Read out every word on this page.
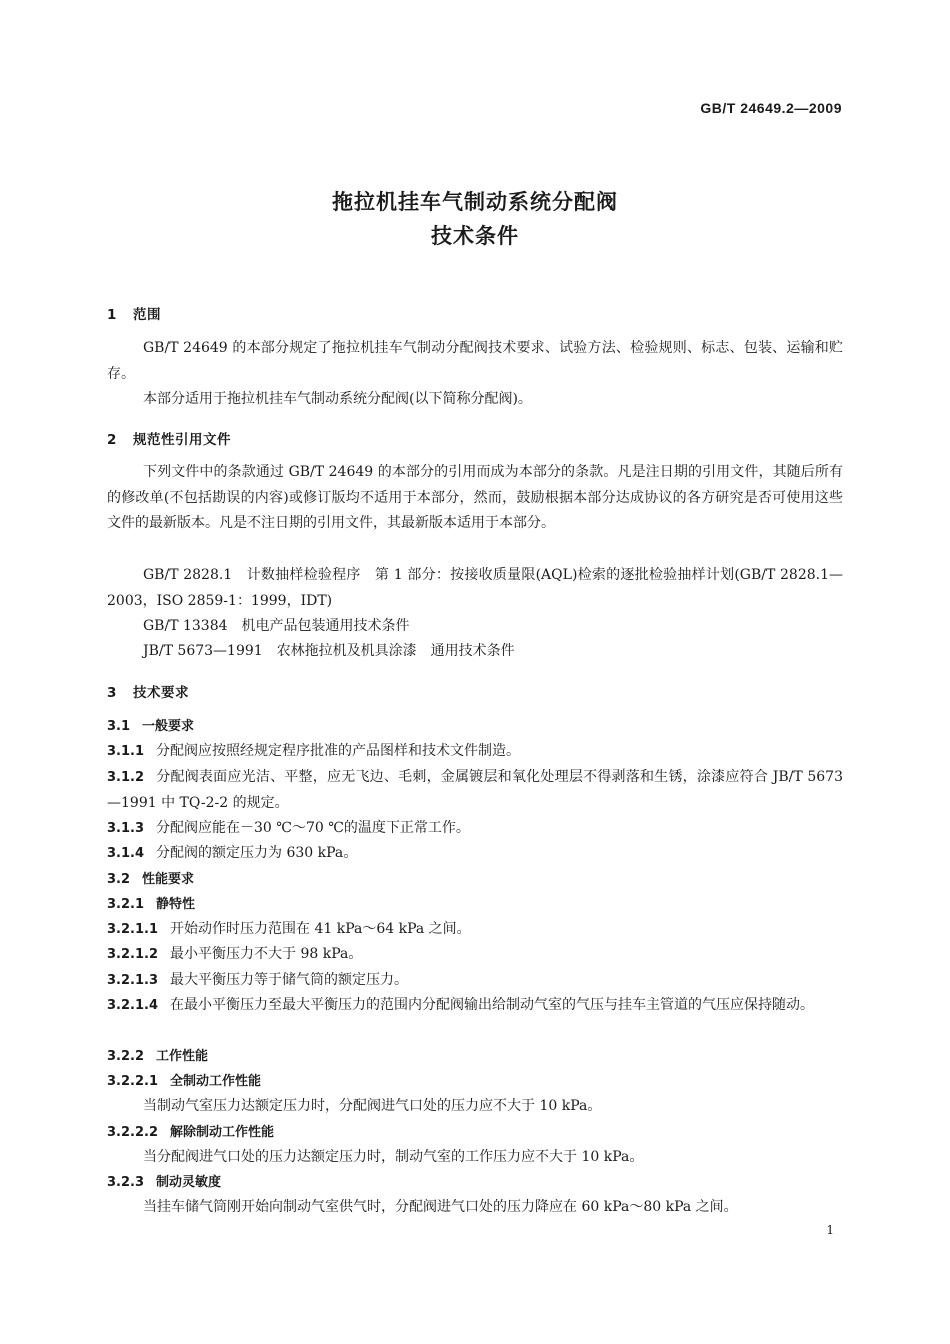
GB/T 24649.2—2009
拖拉机挂车气制动系统分配阀
技术条件
1 范围

GB/T 24649 的本部分规定了拖拉机挂车气制动分配阀技术要求、试验方法、检验规则、标志、包装、运输和贮存。

本部分适用于拖拉机挂车气制动系统分配阀(以下简称分配阀)。

2 规范性引用文件

下列文件中的条款通过 GB/T 24649 的本部分的引用而成为本部分的条款。凡是注日期的引用文件，其随后所有的修改单(不包括勘误的内容)或修订版均不适用于本部分，然而，鼓励根据本部分达成协议的各方研究是否可使用这些文件的最新版本。凡是不注日期的引用文件，其最新版本适用于本部分。

GB/T 2828.1　计数抽样检验程序　第 1 部分：按接收质量限(AQL)检索的逐批检验抽样计划(GB/T 2828.1—2003，ISO 2859-1：1999，IDT)

GB/T 13384　机电产品包装通用技术条件

JB/T 5673—1991　农林拖拉机及机具涂漆　通用技术条件

3 技术要求
3.1 一般要求
3.1.1 分配阀应按照经规定程序批准的产品图样和技术文件制造。
3.1.2 分配阀表面应光洁、平整，应无飞边、毛刺，金属镀层和氧化处理层不得剥落和生锈，涂漆应符合 JB/T 5673—1991 中 TQ-2-2 的规定。
3.1.3 分配阀应能在－30 ℃～70 ℃的温度下正常工作。
3.1.4 分配阀的额定压力为 630 kPa。
3.2 性能要求
3.2.1 静特性
3.2.1.1 开始动作时压力范围在 41 kPa～64 kPa 之间。
3.2.1.2 最小平衡压力不大于 98 kPa。
3.2.1.3 最大平衡压力等于储气筒的额定压力。
3.2.1.4 在最小平衡压力至最大平衡压力的范围内分配阀输出给制动气室的气压与挂车主管道的气压应保持随动。
3.2.2 工作性能
3.2.2.1 全制动工作性能

当制动气室压力达额定压力时，分配阀进气口处的压力应不大于 10 kPa。

3.2.2.2 解除制动工作性能

当分配阀进气口处的压力达额定压力时，制动气室的工作压力应不大于 10 kPa。

3.2.3 制动灵敏度

当挂车储气筒刚开始向制动气室供气时，分配阀进气口处的压力降应在 60 kPa～80 kPa 之间。

1
